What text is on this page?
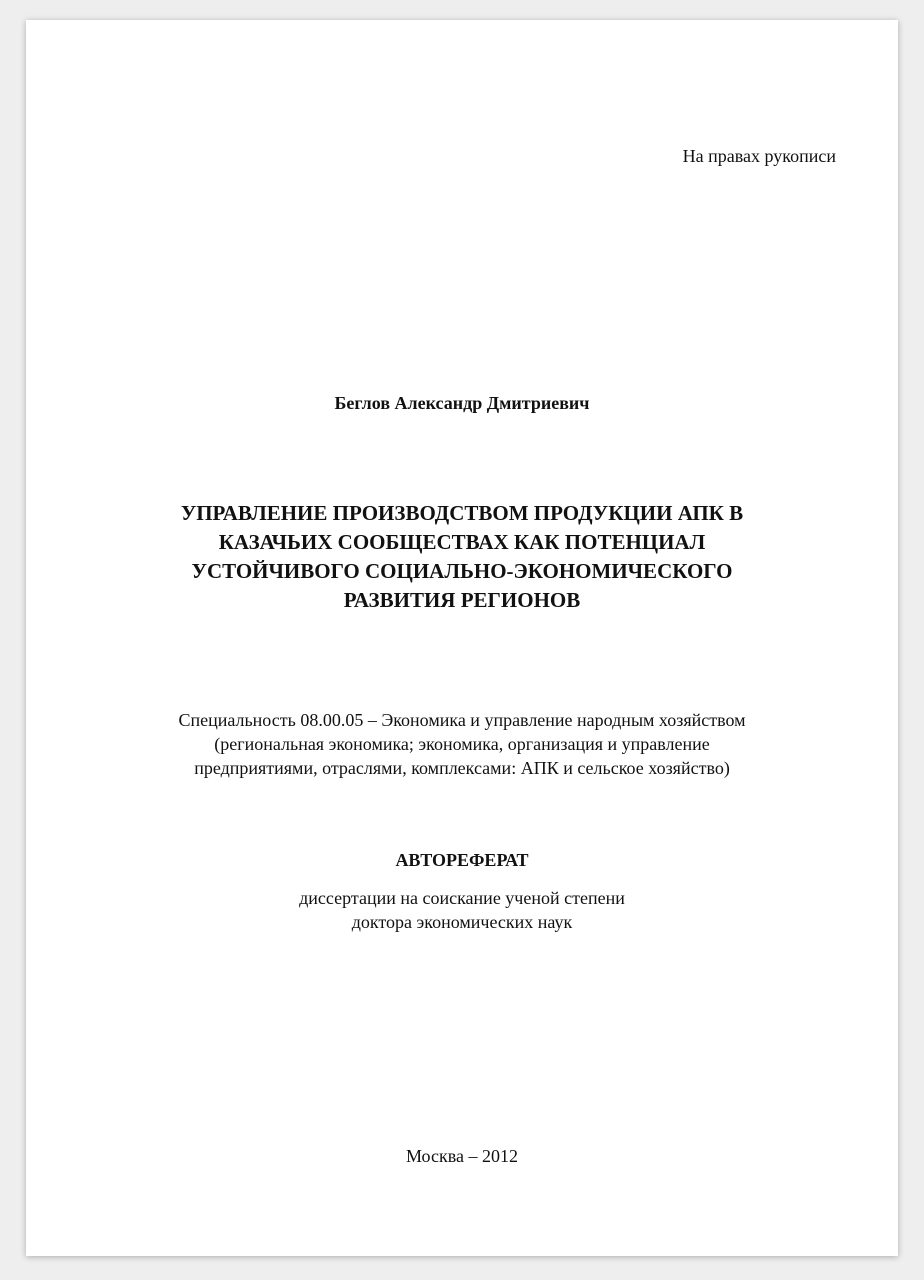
На правах рукописи
Беглов Александр Дмитриевич
УПРАВЛЕНИЕ ПРОИЗВОДСТВОМ ПРОДУКЦИИ АПК В
КАЗАЧЬИХ СООБЩЕСТВАХ КАК ПОТЕНЦИАЛ
УСТОЙЧИВОГО СОЦИАЛЬНО-ЭКОНОМИЧЕСКОГО
РАЗВИТИЯ РЕГИОНОВ
Специальность 08.00.05 – Экономика и управление народным хозяйством
(региональная экономика; экономика, организация и управление
предприятиями, отраслями, комплексами: АПК и сельское хозяйство)
АВТОРЕФЕРАТ
диссертации на соискание ученой степени
доктора экономических наук
Москва – 2012
